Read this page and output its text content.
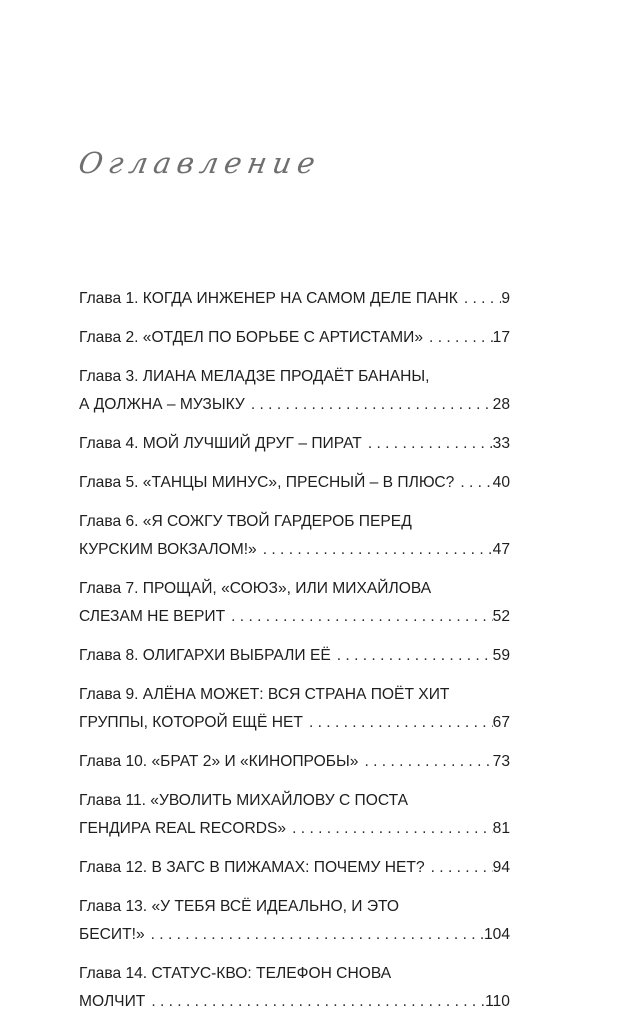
Оглавление
Глава 1. КОГДА ИНЖЕНЕР НА САМОМ ДЕЛЕ ПАНК . . .	9
Глава 2. «ОТДЕЛ ПО БОРЬБЕ С АРТИСТАМИ» . . .	17
Глава 3. ЛИАНА МЕЛАДЗЕ ПРОДАЁТ БАНАНЫ,
А ДОЛЖНА – МУЗЫКУ . . .	28
Глава 4. МОЙ ЛУЧШИЙ ДРУГ – ПИРАТ . . .	33
Глава 5. «ТАНЦЫ МИНУС», ПРЕСНЫЙ – В ПЛЮС? . . . 40
Глава 6. «Я СОЖГУ ТВОЙ ГАРДЕРОБ ПЕРЕД
КУРСКИМ ВОКЗАЛОМ!» . . .	47
Глава 7. ПРОЩАЙ, «СОЮЗ», ИЛИ МИХАЙЛОВА
СЛЕЗАМ НЕ ВЕРИТ . . .	52
Глава 8. ОЛИГАРХИ ВЫБРАЛИ ЕЁ . . .	59
Глава 9. АЛЁНА МОЖЕТ: ВСЯ СТРАНА ПОЁТ ХИТ
ГРУППЫ, КОТОРОЙ ЕЩЁ НЕТ . . .	67
Глава 10. «БРАТ 2» И «КИНОПРОБЫ» . . .	73
Глава 11. «УВОЛИТЬ МИХАЙЛОВУ С ПОСТА
ГЕНДИРА REAL RECORDS» . . .	81
Глава 12. В ЗАГС В ПИЖАМАХ: ПОЧЕМУ НЕТ? . . .	94
Глава 13. «У ТЕБЯ ВСЁ ИДЕАЛЬНО, И ЭТО
БЕСИТ!» . . .	104
Глава 14. СТАТУС-КВО: ТЕЛЕФОН СНОВА
МОЛЧИТ . . .	110
